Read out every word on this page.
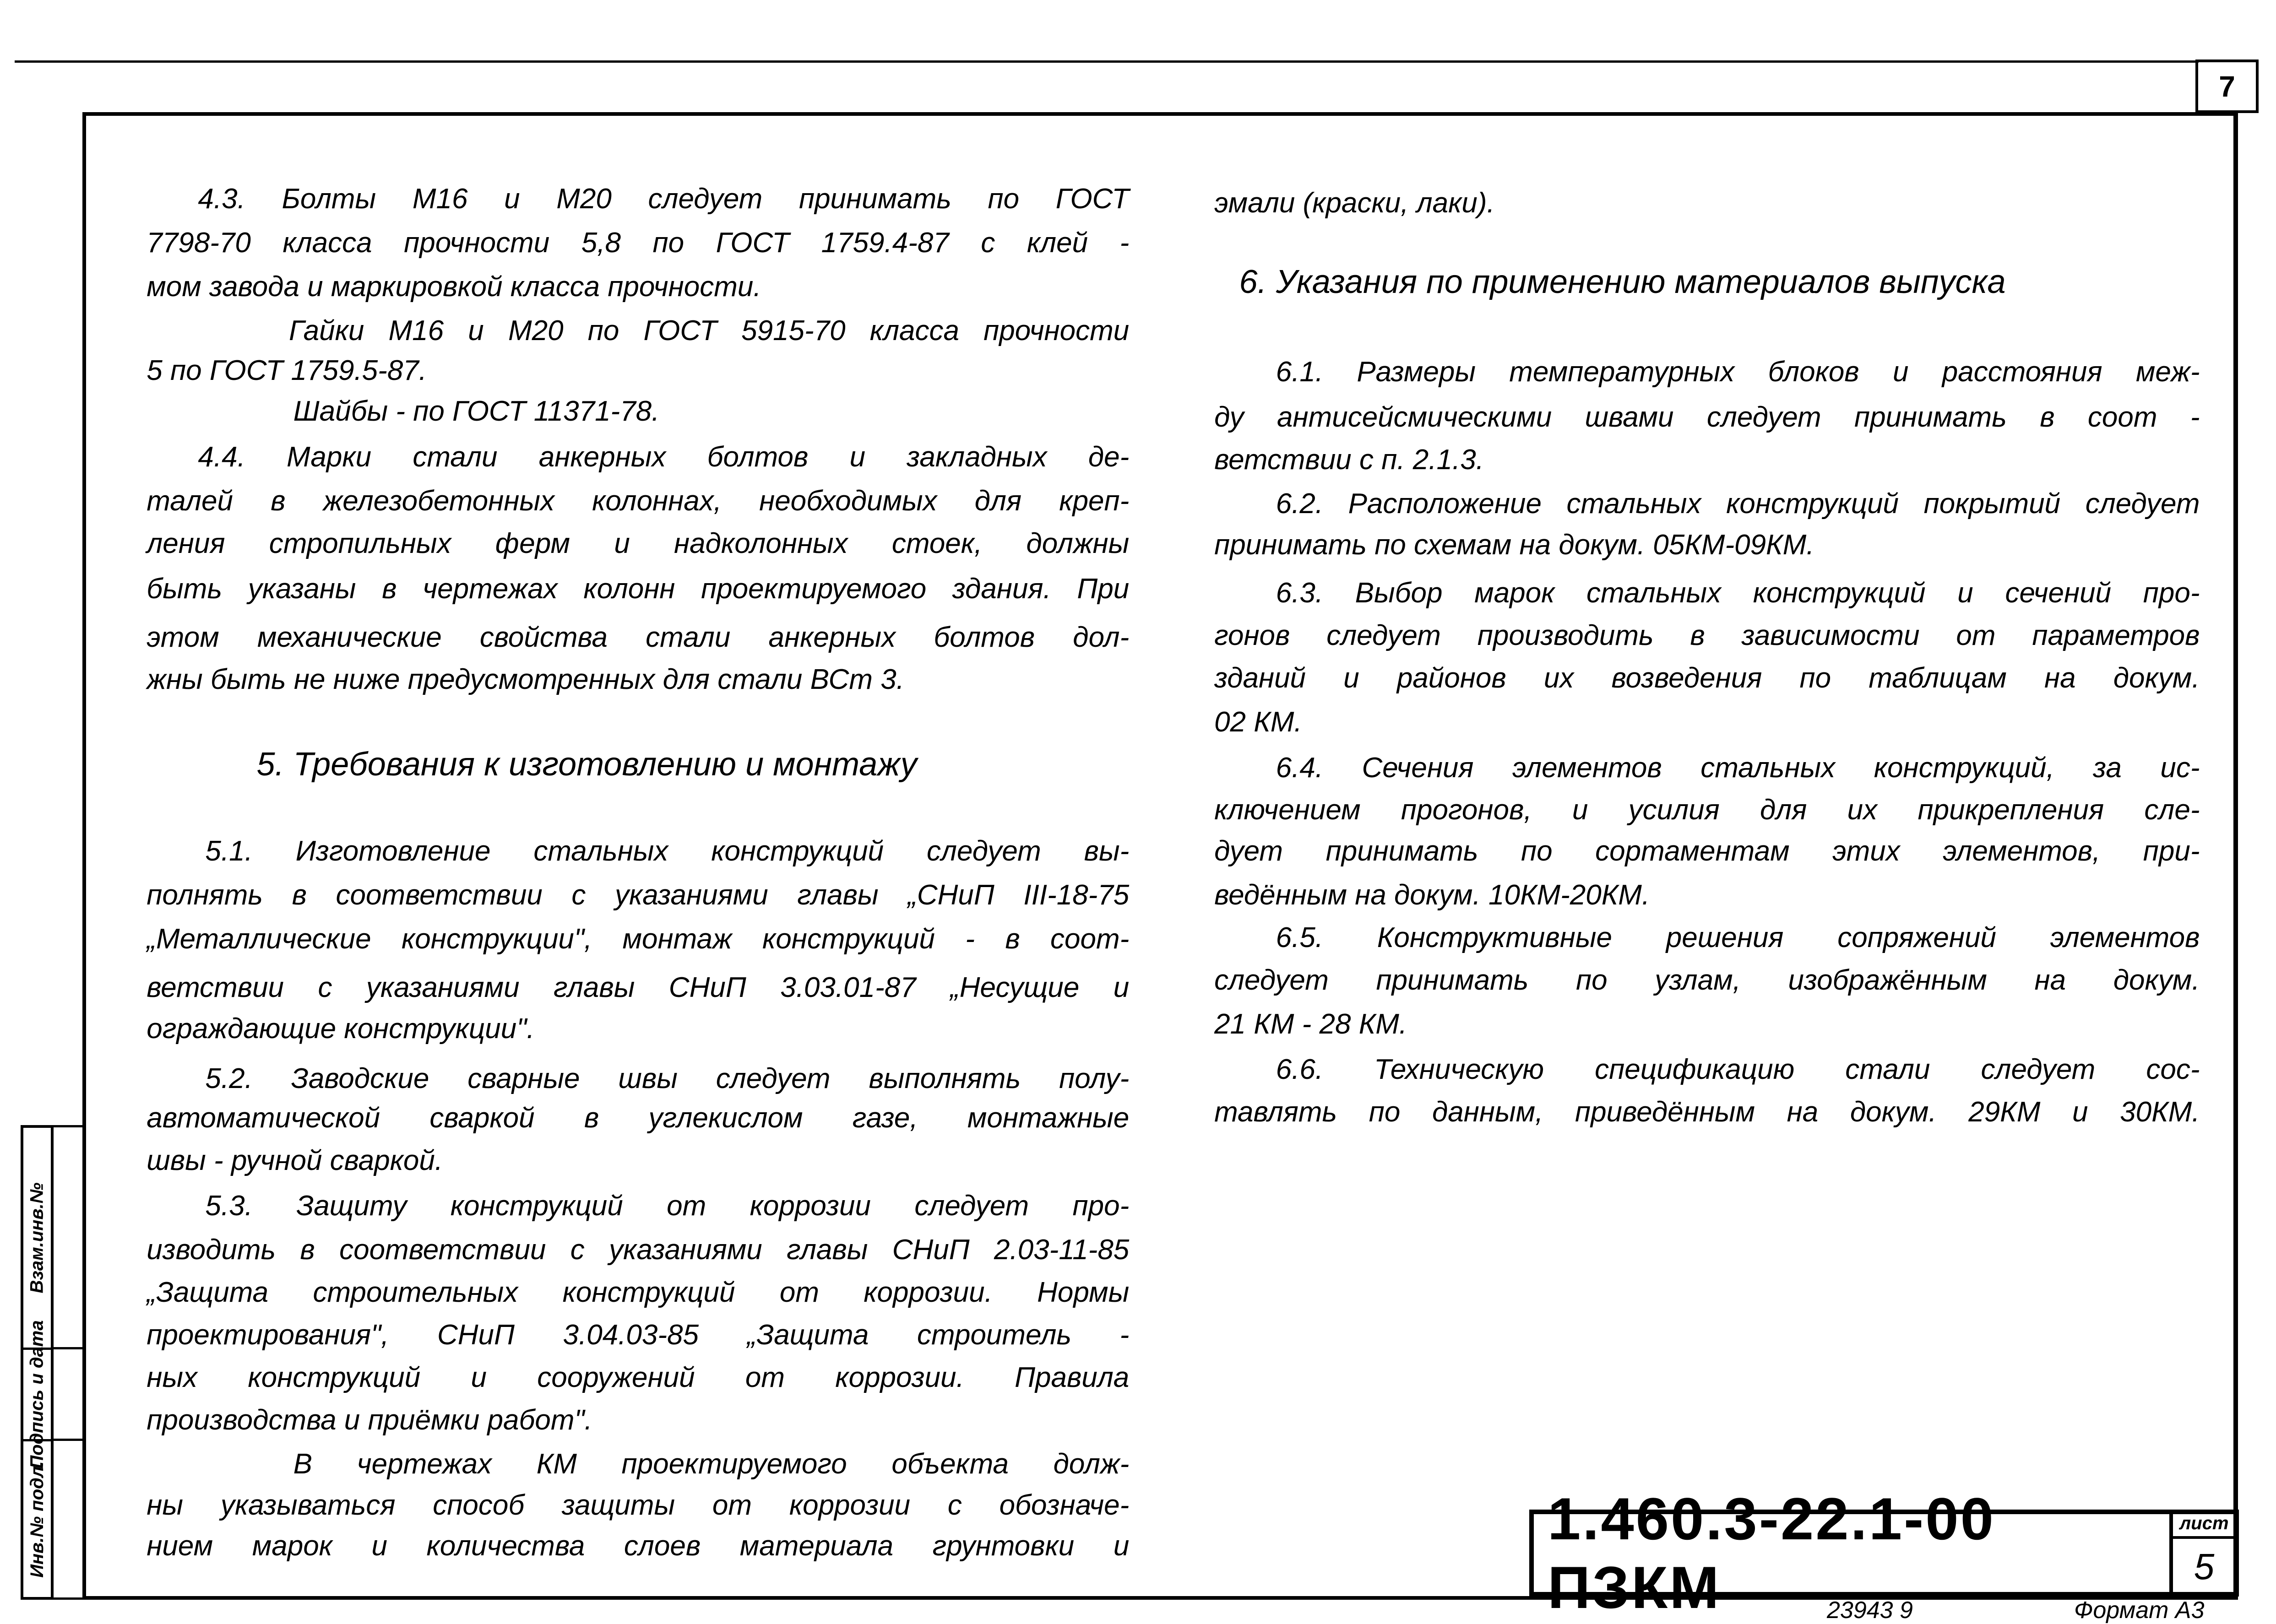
7
4.3. Болты М16 и М20 следует принимать по ГОСТ
7798-70 класса прочности 5,8 по ГОСТ 1759.4-87 с клей -
мом завода и маркировкой класса прочности.
Гайки М16 и М20 по ГОСТ 5915-70 класса прочности
5 по ГОСТ 1759.5-87.
Шайбы - по ГОСТ 11371-78.
4.4. Марки стали анкерных болтов и закладных де-
талей в железобетонных колоннах, необходимых для креп-
ления стропильных ферм и надколонных стоек, должны
быть указаны в чертежах колонн проектируемого здания. При
этом механические свойства стали анкерных болтов дол-
жны быть не ниже предусмотренных для стали ВСт 3.
5. Требования к изготовлению и монтажу
5.1. Изготовление стальных конструкций следует вы-
полнять в соответствии с указаниями главы „СНиП III-18-75
„Металлические конструкции", монтаж конструкций - в соот-
ветствии с указаниями главы СНиП 3.03.01-87 „Несущие и
ограждающие конструкции".
5.2. Заводские сварные швы следует выполнять полу-
автоматической сваркой в углекислом газе, монтажные
швы - ручной сваркой.
5.3. Защиту конструкций от коррозии следует про-
изводить в соответствии с указаниями главы СНиП 2.03-11-85
„Защита строительных конструкций от коррозии. Нормы
проектирования", СНиП 3.04.03-85 „Защита строитель -
ных конструкций и сооружений от коррозии. Правила
производства и приёмки работ".
В чертежах КМ проектируемого объекта долж-
ны указываться способ защиты от коррозии с обозначе-
нием марок и количества слоев материала грунтовки и
эмали (краски, лаки).
6. Указания по применению материалов выпуска
6.1. Размеры температурных блоков и расстояния меж-
ду антисейсмическими швами следует принимать в соот -
ветствии с п. 2.1.3.
6.2. Расположение стальных конструкций покрытий следует
принимать по схемам на докум. 05КМ-09КМ.
6.3. Выбор марок стальных конструкций и сечений про-
гонов следует производить в зависимости от параметров
зданий и районов их возведения по таблицам на докум.
02 КМ.
6.4. Сечения элементов стальных конструкций, за ис-
ключением прогонов, и усилия для их прикрепления сле-
дует принимать по сортаментам этих элементов, при-
ведённым на докум. 10КМ-20КМ.
6.5. Конструктивные решения сопряжений элементов
следует принимать по узлам, изображённым на докум.
21 КМ - 28 КМ.
6.6. Техническую спецификацию стали следует сос-
тавлять по данным, приведённым на докум. 29КМ и 30КМ.
Взам.инв.№
Подпись и дата
Инв.№ подл.	1.460.3-22.1-00 ПЗКМ
лист
5
23943 9	Формат А3
